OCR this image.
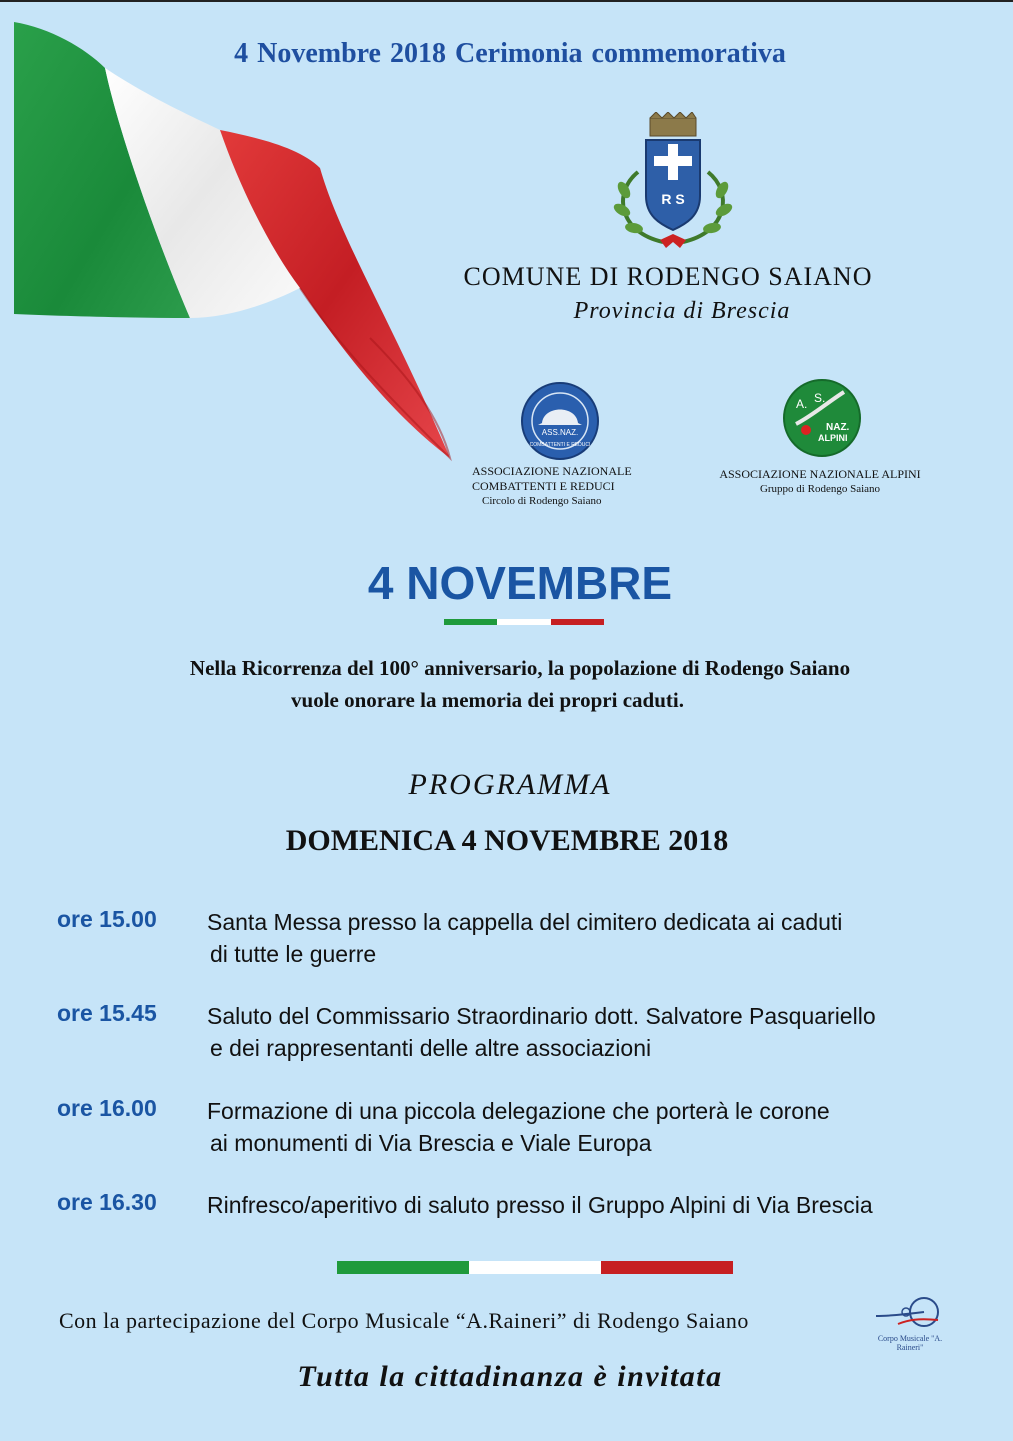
4 Novembre 2018 Cerimonia commemorativa
R S
COMUNE DI RODENGO SAIANO
Provincia di Brescia
ASS.NAZ.
COMBATTENTI E REDUCI
A. S.
NAZ.
ALPINI
ASSOCIAZIONE NAZIONALE
COMBATTENTI E REDUCI
Circolo di Rodengo Saiano
ASSOCIAZIONE NAZIONALE ALPINI
Gruppo di Rodengo Saiano
4 NOVEMBRE
Nella Ricorrenza del 100° anniversario, la popolazione di Rodengo Saiano
vuole onorare la memoria dei propri caduti.
PROGRAMMA
DOMENICA 4 NOVEMBRE 2018
ore 15.00 Santa Messa presso la cappella del cimitero dedicata ai caduti
di tutte le guerre
ore 15.45 Saluto del Commissario Straordinario dott. Salvatore Pasquariello
e dei rappresentanti delle altre associazioni
ore 16.00 Formazione di una piccola delegazione che porterà le corone
ai monumenti di Via Brescia e Viale Europa
ore 16.30 Rinfresco/aperitivo di saluto presso il Gruppo Alpini di Via Brescia
Con la partecipazione del Corpo Musicale “A.Raineri” di Rodengo Saiano
Corpo Musicale "A. Raineri"
Tutta la cittadinanza è invitata
